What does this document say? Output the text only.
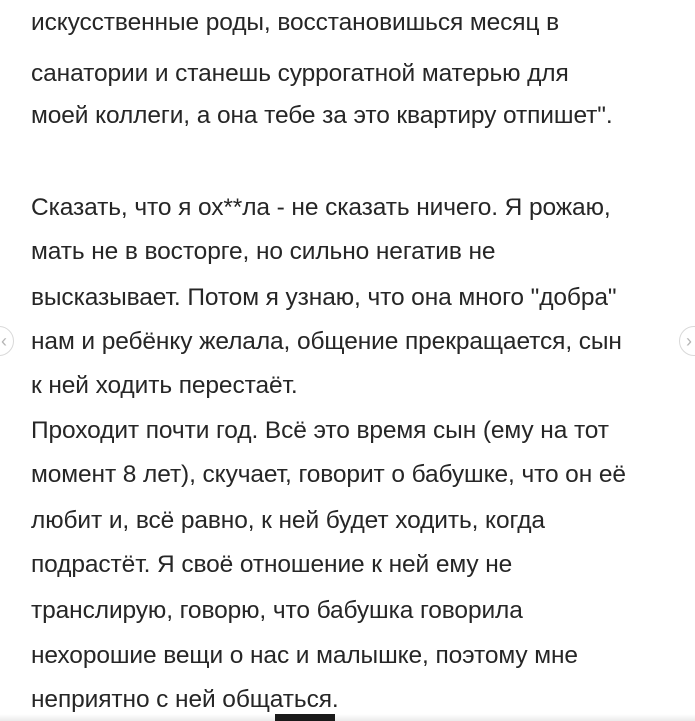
искусственные роды, восстановишься месяц в
санатории и станешь суррогатной матерью для
моей коллеги, а она тебе за это квартиру отпишет".
Сказать, что я ох**ла - не сказать ничего. Я рожаю,
мать не в восторге, но сильно негатив не
высказывает. Потом я узнаю, что она много "добра"
нам и ребёнку желала, общение прекращается, сын
к ней ходить перестаёт.
Проходит почти год. Всё это время сын (ему на тот
момент 8 лет), скучает, говорит о бабушке, что он её
любит и, всё равно, к ней будет ходить, когда
подрастёт. Я своё отношение к ней ему не
транслирую, говорю, что бабушка говорила
нехорошие вещи о нас и малышке, поэтому мне
неприятно с ней общаться.
‹	›
